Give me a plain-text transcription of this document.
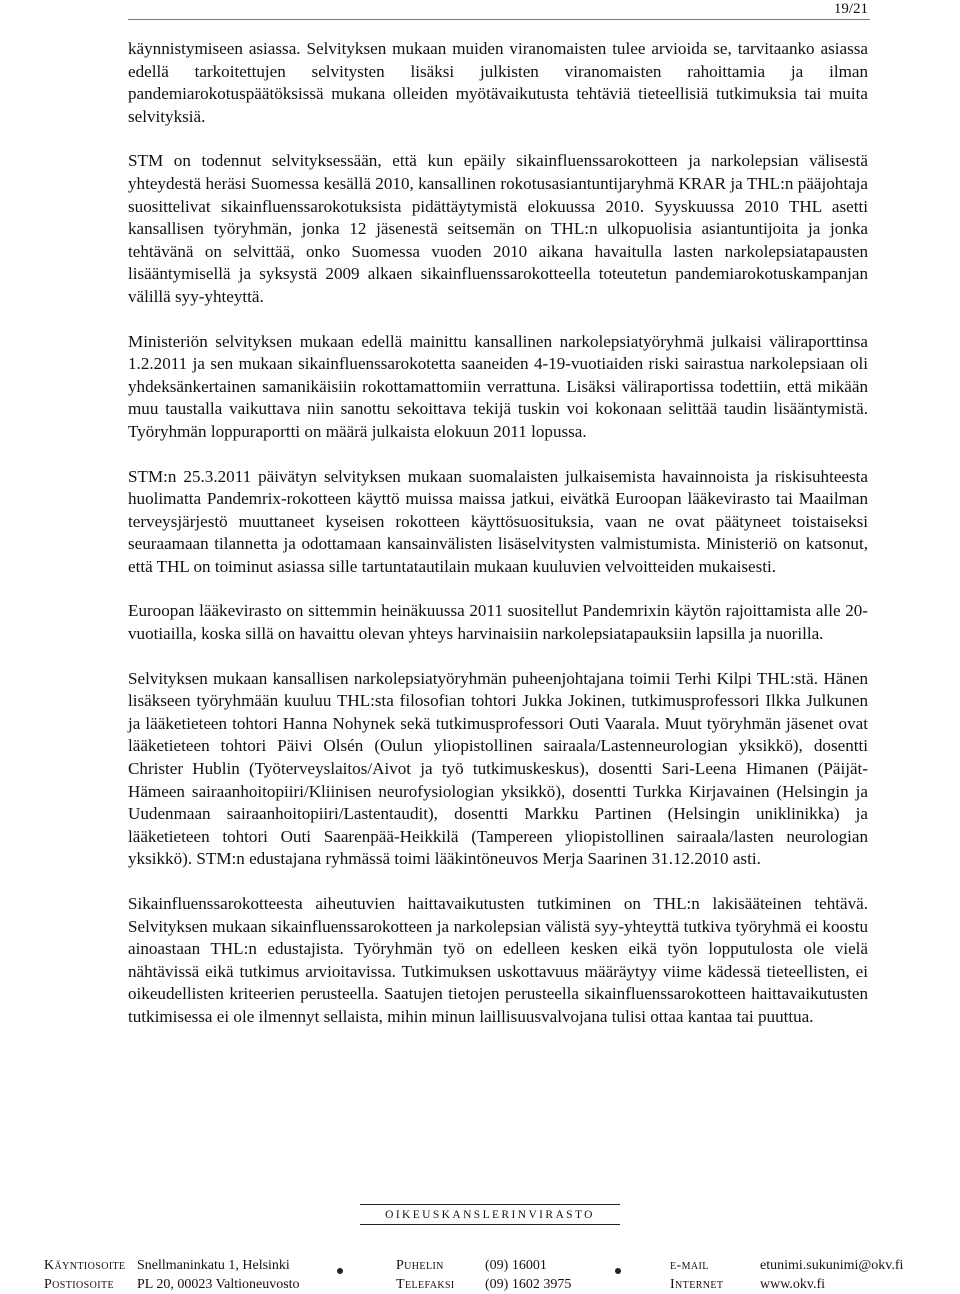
19/21

käynnistymiseen asiassa. Selvityksen mukaan muiden viranomaisten tulee arvioida se, tarvitaanko asiassa edellä tarkoitettujen selvitysten lisäksi julkisten viranomaisten rahoittamia ja ilman pandemiarokotuspäätöksissä mukana olleiden myötävaikutusta tehtäviä tieteellisiä tutkimuksia tai muita selvityksiä.

STM on todennut selvityksessään, että kun epäily sikainfluenssarokotteen ja narkolepsian välisestä yhteydestä heräsi Suomessa kesällä 2010, kansallinen rokotusasiantuntijaryhmä KRAR ja THL:n pääjohtaja suosittelivat sikainfluenssarokotuksista pidättäytymistä elokuussa 2010. Syyskuussa 2010 THL asetti kansallisen työryhmän, jonka 12 jäsenestä seitsemän on THL:n ulkopuolisia asiantuntijoita ja jonka tehtävänä on selvittää, onko Suomessa vuoden 2010 aikana havaitulla lasten narkolepsiatapausten lisääntymisellä ja syksystä 2009 alkaen sikainfluenssarokotteella toteutetun pandemiarokotuskampanjan välillä syy-yhteyttä.

Ministeriön selvityksen mukaan edellä mainittu kansallinen narkolepsiatyöryhmä julkaisi väliraporttinsa 1.2.2011 ja sen mukaan sikainfluenssarokotetta saaneiden 4-19-vuotiaiden riski sairastua narkolepsiaan oli yhdeksänkertainen samanikäisiin rokottamattomiin verrattuna. Lisäksi väliraportissa todettiin, että mikään muu taustalla vaikuttava niin sanottu sekoittava tekijä tuskin voi kokonaan selittää taudin lisääntymistä. Työryhmän loppuraportti on määrä julkaista elokuun 2011 lopussa.

STM:n 25.3.2011 päivätyn selvityksen mukaan suomalaisten julkaisemista havainnoista ja riskisuhteesta huolimatta Pandemrix-rokotteen käyttö muissa maissa jatkui, eivätkä Euroopan lääkevirasto tai Maailman terveysjärjestö muuttaneet kyseisen rokotteen käyttösuosituksia, vaan ne ovat päätyneet toistaiseksi seuraamaan tilannetta ja odottamaan kansainvälisten lisäselvitysten valmistumista. Ministeriö on katsonut, että THL on toiminut asiassa sille tartuntatautilain mukaan kuuluvien velvoitteiden mukaisesti.

Euroopan lääkevirasto on sittemmin heinäkuussa 2011 suositellut Pandemrixin käytön rajoittamista alle 20-vuotiailla, koska sillä on havaittu olevan yhteys harvinaisiin narkolepsiatapauksiin lapsilla ja nuorilla.

Selvityksen mukaan kansallisen narkolepsiatyöryhmän puheenjohtajana toimii Terhi Kilpi THL:stä. Hänen lisäkseen työryhmään kuuluu THL:sta filosofian tohtori Jukka Jokinen, tutkimusprofessori Ilkka Julkunen ja lääketieteen tohtori Hanna Nohynek sekä tutkimusprofessori Outi Vaarala. Muut työryhmän jäsenet ovat lääketieteen tohtori Päivi Olsén (Oulun yliopistollinen sairaala/Lastenneurologian yksikkö), dosentti Christer Hublin (Työterveyslaitos/Aivot ja työ tutkimuskeskus), dosentti Sari-Leena Himanen (Päijät-Hämeen sairaanhoitopiiri/Kliinisen neurofysiologian yksikkö), dosentti Turkka Kirjavainen (Helsingin ja Uudenmaan sairaanhoitopiiri/Lastentaudit), dosentti Markku Partinen (Helsingin uniklinikka) ja lääketieteen tohtori Outi Saarenpää-Heikkilä (Tampereen yliopistollinen sairaala/lasten neurologian yksikkö). STM:n edustajana ryhmässä toimi lääkintöneuvos Merja Saarinen 31.12.2010 asti.

Sikainfluenssarokotteesta aiheutuvien haittavaikutusten tutkiminen on THL:n lakisääteinen tehtävä. Selvityksen mukaan sikainfluenssarokotteen ja narkolepsian välistä syy-yhteyttä tutkiva työryhmä ei koostu ainoastaan THL:n edustajista. Työryhmän työ on edelleen kesken eikä työn lopputulosta ole vielä nähtävissä eikä tutkimus arvioitavissa. Tutkimuksen uskottavuus määräytyy viime kädessä tieteellisten, ei oikeudellisten kriteerien perusteella. Saatujen tietojen perusteella sikainfluenssarokotteen haittavaikutusten tutkimisessa ei ole ilmennyt sellaista, mihin minun laillisuusvalvojana tulisi ottaa kantaa tai puuttua.

OIKEUSKANSLERINVIRASTO
Käyntiosoite Snellmaninkatu 1, Helsinki	Puhelin	(09) 16001	e-mail	etunimi.sukunimi@okv.fi
Postiosoite PL 20, 00023 Valtioneuvosto	Telefaksi (09) 1602 3975	Internet	www.okv.fi
